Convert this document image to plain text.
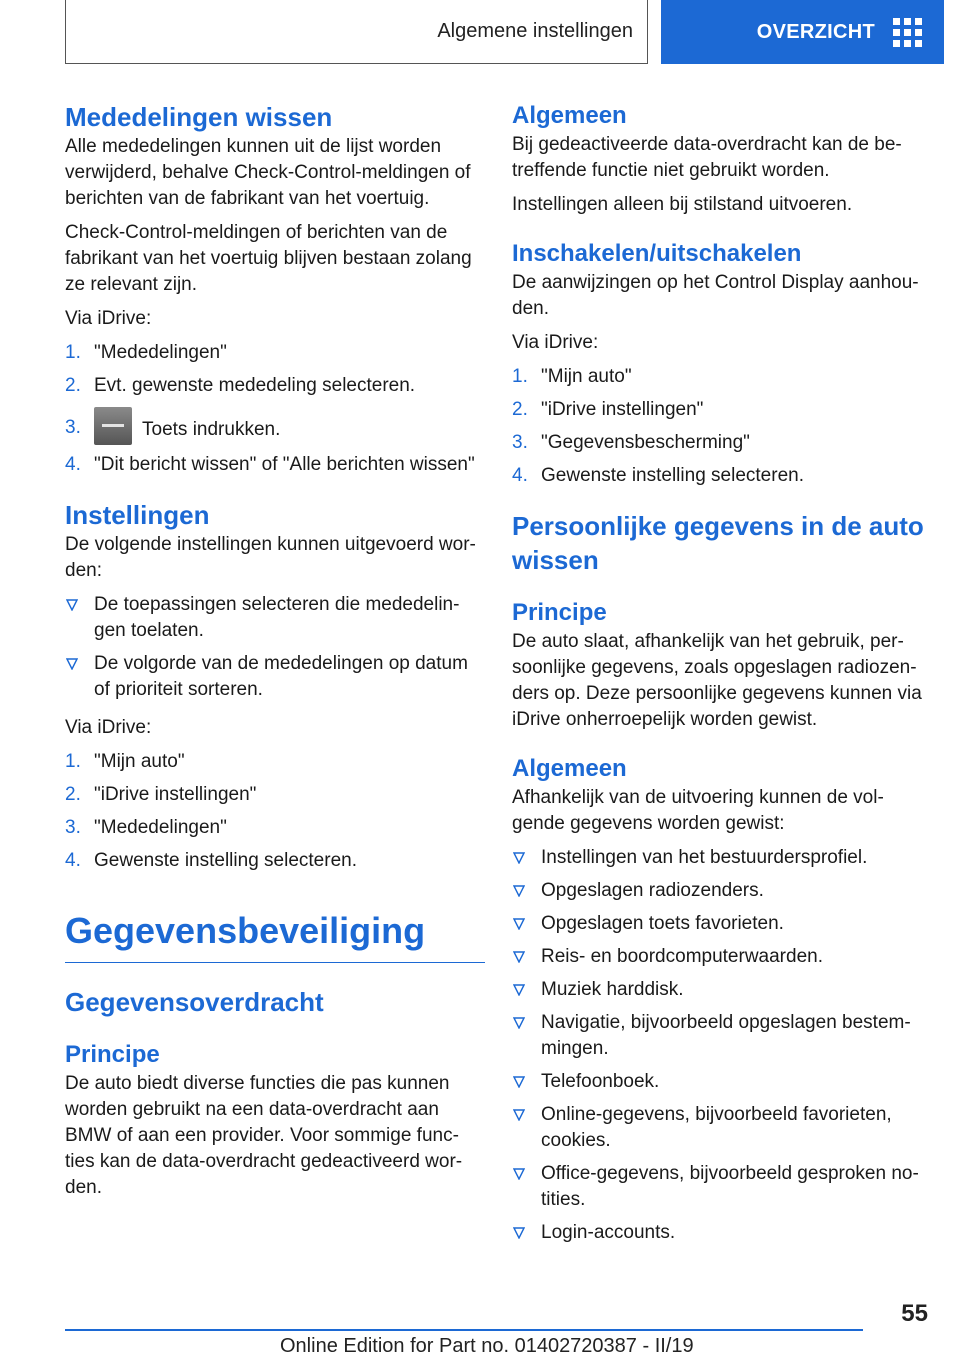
Algemene instellingen	OVERZICHT
Mededelingen wissen

Alle mededelingen kunnen uit de lijst worden verwijderd, behalve Check-Control-meldingen of berichten van de fabrikant van het voertuig.

Check-Control-meldingen of berichten van de fabrikant van het voertuig blijven bestaan zolang ze relevant zijn.

Via iDrive:

1. "Mededelingen"
2. Evt. gewenste mededeling selecteren.
3.	Toets indrukken.
4. "Dit bericht wissen" of "Alle berichten wissen"
Instellingen

De volgende instellingen kunnen uitgevoerd wor‐den:

De toepassingen selecteren die mededelin‐gen toelaten.
De volgorde van de mededelingen op datum of prioriteit sorteren.

Via iDrive:

1. "Mijn auto"
2. "iDrive instellingen"
3. "Mededelingen"
4. Gewenste instelling selecteren.
Gegevensbeveiliging
Gegevensoverdracht
Principe

De auto biedt diverse functies die pas kunnen worden gebruikt na een data-overdracht aan BMW of aan een provider. Voor sommige func‐ties kan de data-overdracht gedeactiveerd wor‐den.

Algemeen

Bij gedeactiveerde data-overdracht kan de be‐treffende functie niet gebruikt worden.

Instellingen alleen bij stilstand uitvoeren.

Inschakelen/uitschakelen

De aanwijzingen op het Control Display aanhou‐den.

Via iDrive:

1. "Mijn auto"
2. "iDrive instellingen"
3. "Gegevensbescherming"
4. Gewenste instelling selecteren.
Persoonlijke gegevens in de auto wissen
Principe

De auto slaat, afhankelijk van het gebruik, per‐soonlijke gegevens, zoals opgeslagen radiozen‐ders op. Deze persoonlijke gegevens kunnen via iDrive onherroepelijk worden gewist.

Algemeen

Afhankelijk van de uitvoering kunnen de vol‐gende gegevens worden gewist:

Instellingen van het bestuurdersprofiel.
Opgeslagen radiozenders.
Opgeslagen toets favorieten.
Reis- en boordcomputerwaarden.
Muziek harddisk.
Navigatie, bijvoorbeeld opgeslagen bestem‐mingen.
Telefoonboek.
Online-gegevens, bijvoorbeeld favorieten, cookies.
Office-gegevens, bijvoorbeeld gesproken no‐tities.
Login-accounts.
55
Online Edition for Part no. 01402720387 - II/19
